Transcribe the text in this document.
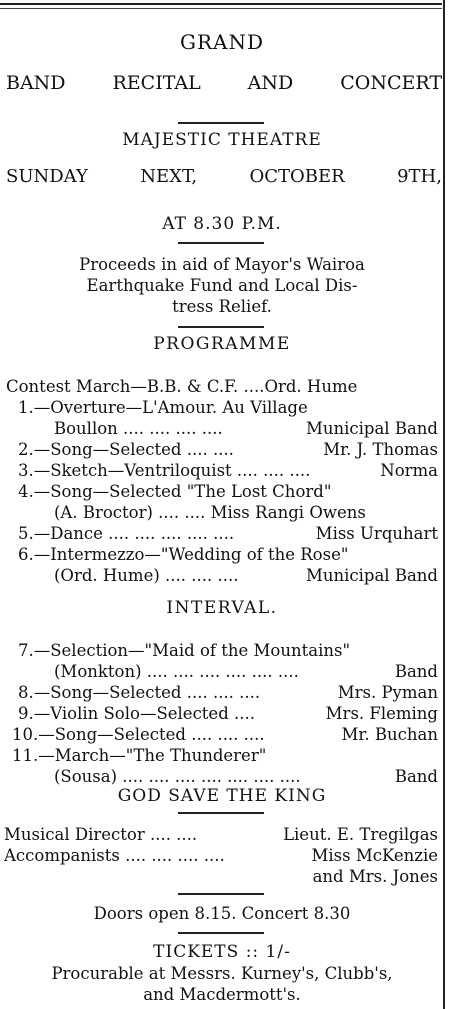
GRAND
BAND RECITAL AND CONCERT
MAJESTIC THEATRE
SUNDAY	NEXT,	OCTOBER	9TH,
AT 8.30 P.M.
Proceeds in aid of Mayor's Wairoa
Earthquake Fund and Local Dis-
tress Relief.
PROGRAMME
Contest March—B.B. & C.F. ....Ord. Hume
1.—Overture—L'Amour. Au Village
Boullon .... .... .... ....	Municipal Band
2.—Song—Selected .... ....	Mr. J. Thomas
3.—Sketch—Ventriloquist .... .... ....	Norma
4.—Song—Selected "The Lost Chord"
(A. Broctor) .... .... Miss Rangi Owens
5.—Dance .... .... .... .... ....	Miss Urquhart
6.—Intermezzo—"Wedding of the Rose"
(Ord. Hume) .... .... ....	Municipal Band
INTERVAL.
7.—Selection—"Maid of the Mountains"
(Monkton) .... .... .... .... .... ....	Band
8.—Song—Selected .... .... ....	Mrs. Pyman
9.—Violin Solo—Selected ....	Mrs. Fleming
10.—Song—Selected .... .... ....	Mr. Buchan
11.—March—"The Thunderer"
(Sousa) .... .... .... .... .... .... ....	Band
GOD SAVE THE KING
Musical Director .... ....	Lieut. E. Tregilgas
Accompanists .... .... .... ....	Miss McKenzie
and Mrs. Jones
Doors open 8.15. Concert 8.30
TICKETS :: 1/-
Procurable at Messrs. Kurney's, Clubb's,
and Macdermott's.
